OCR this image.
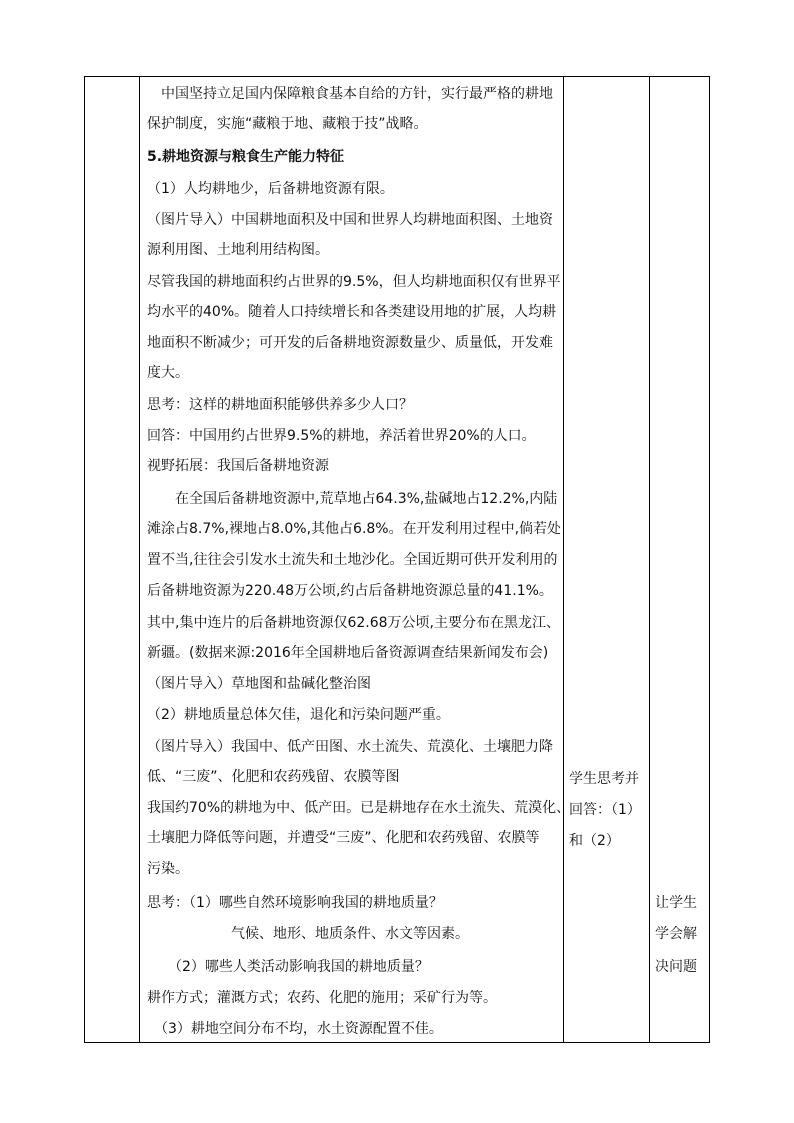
　中国坚持立足国内保障粮食基本自给的方针，实行最严格的耕地
保护制度，实施“藏粮于地、藏粮于技”战略。
5.耕地资源与粮食生产能力特征
（1）人均耕地少，后备耕地资源有限。
（图片导入）中国耕地面积及中国和世界人均耕地面积图、土地资
源利用图、土地利用结构图。
尽管我国的耕地面积约占世界的9.5%，但人均耕地面积仅有世界平
均水平的40%。随着人口持续增长和各类建设用地的扩展，人均耕
地面积不断减少；可开发的后备耕地资源数量少、质量低，开发难
度大。
思考：这样的耕地面积能够供养多少人口？
回答：中国用约占世界9.5%的耕地，养活着世界20%的人口。
视野拓展：我国后备耕地资源
　　在全国后备耕地资源中,荒草地占64.3%,盐碱地占12.2%,内陆
滩涂占8.7%,裸地占8.0%,其他占6.8%。在开发利用过程中,倘若处
置不当,往往会引发水土流失和土地沙化。全国近期可供开发利用的
后备耕地资源为220.48万公顷,约占后备耕地资源总量的41.1%。
其中,集中连片的后备耕地资源仅62.68万公顷,主要分布在黑龙江、
新疆。(数据来源:2016年全国耕地后备资源调查结果新闻发布会)
（图片导入）草地图和盐碱化整治图
（2）耕地质量总体欠佳，退化和污染问题严重。
（图片导入）我国中、低产田图、水土流失、荒漠化、土壤肥力降
低、“三废”、化肥和农药残留、农膜等图
我国约70%的耕地为中、低产田。已是耕地存在水土流失、荒漠化、
土壤肥力降低等问题，并遭受“三废”、化肥和农药残留、农膜等
污染。
思考：（1）哪些自然环境影响我国的耕地质量？
　　　　　　气候、地形、地质条件、水文等因素。
　　（2）哪些人类活动影响我国的耕地质量？
耕作方式；灌溉方式；农药、化肥的施用；采矿行为等。
　（3）耕地空间分布不均，水土资源配置不佳。
学生思考并
回答：（1）
和（2）
让学生
学会解
决问题
